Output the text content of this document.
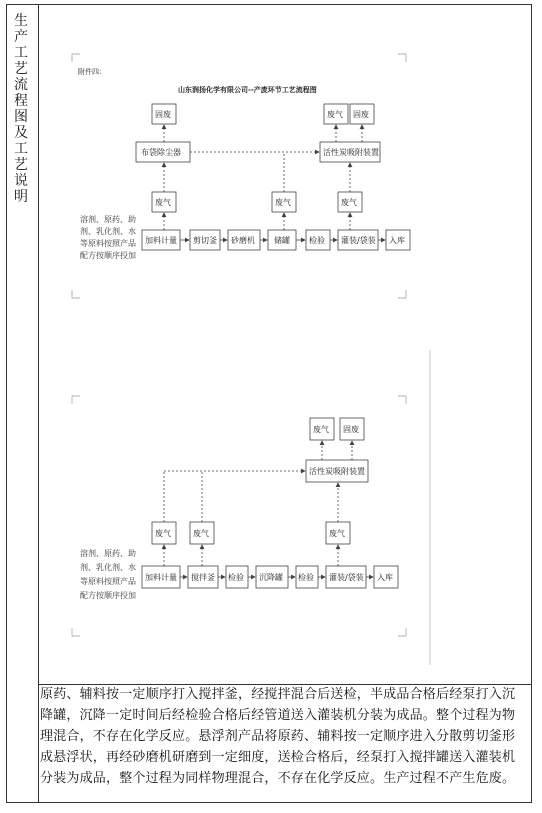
生产工艺流程图及工艺说明
附件四：
山东润扬化学有限公司--产废环节工艺流程图
固废	废气 固废
布袋除尘器	活性炭吸附装置
废气	废气	废气
溶剂、原药、助
剂、乳化剂、水
等原料按照产品
配方按顺序投加
加料计量 剪切釜 砂磨机 储罐 检验 灌装/袋装 入库
废气 固废
活性炭吸附装置
废气	废气	废气
溶剂、原药、助
剂、乳化剂、水
等原料按照产品
配方按顺序投加
加料计量 搅拌釜 检验 沉降罐 检验 灌装/袋装 入库
原药、辅料按一定顺序打入搅拌釜，经搅拌混合后送检，半成品合格后经泵打入沉降罐，沉降一定时间后经检验合格后经管道送入灌装机分装为成品。整个过程为物理混合，不存在化学反应。悬浮剂产品将原药、辅料按一定顺序进入分散剪切釜形成悬浮状，再经砂磨机研磨到一定细度，送检合格后，经泵打入搅拌罐送入灌装机分装为成品，整个过程为同样物理混合，不存在化学反应。生产过程不产生危废。
